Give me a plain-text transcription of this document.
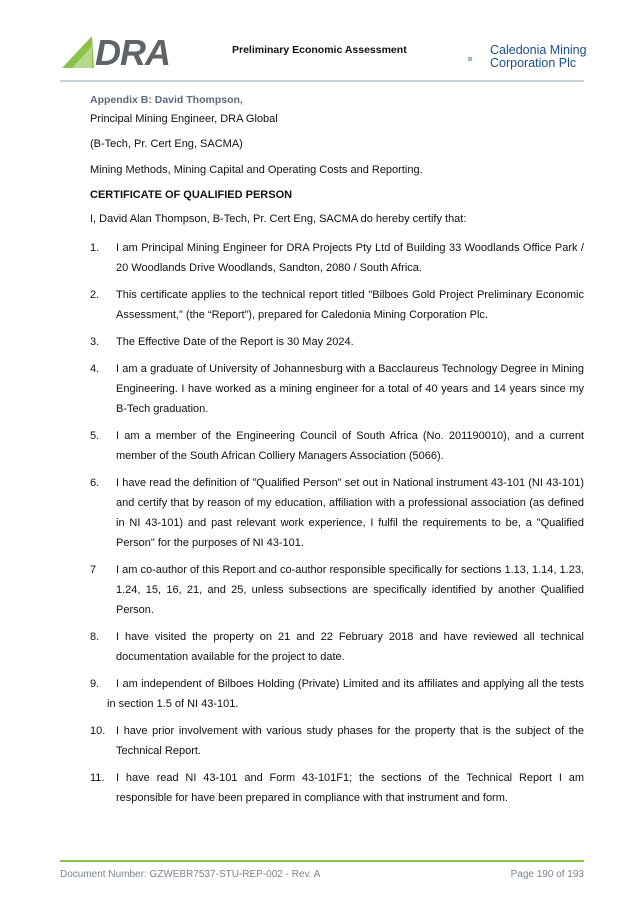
DRA	Preliminary Economic Assessment	Caledonia Mining
Corporation Plc
Appendix B: David Thompson,

Principal Mining Engineer, DRA Global

(B-Tech, Pr. Cert Eng, SACMA)

Mining Methods, Mining Capital and Operating Costs and Reporting.

CERTIFICATE OF QUALIFIED PERSON

I, David Alan Thompson, B-Tech, Pr. Cert Eng, SACMA do hereby certify that:

1. I am Principal Mining Engineer for DRA Projects Pty Ltd of Building 33 Woodlands Office Park / 20 Woodlands Drive Woodlands, Sandton, 2080 / South Africa.
2. This certificate applies to the technical report titled "Bilboes Gold Project Preliminary Economic Assessment," (the “Report”), prepared for Caledonia Mining Corporation Plc.
3. The Effective Date of the Report is 30 May 2024.
4. I am a graduate of University of Johannesburg with a Bacclaureus Technology Degree in Mining Engineering. I have worked as a mining engineer for a total of 40 years and 14 years since my B-Tech graduation.
5. I am a member of the Engineering Council of South Africa (No. 201190010), and a current member of the South African Colliery Managers Association (5066).
6. I have read the definition of "Qualified Person" set out in National instrument 43-101 (NI 43-101) and certify that by reason of my education, affiliation with a professional association (as defined in NI 43-101) and past relevant work experience, I fulfil the requirements to be, a "Qualified Person" for the purposes of NI 43-101.
7 I am co-author of this Report and co-author responsible specifically for sections 1.13, 1.14, 1.23, 1.24, 15, 16, 21, and 25, unless subsections are specifically identified by another Qualified Person.
8. I have visited the property on 21 and 22 February 2018 and have reviewed all technical documentation available for the project to date.
9. I am independent of Bilboes Holding (Private) Limited and its affiliates and applying all the tests in section 1.5 of NI 43-101.
10. I have prior involvement with various study phases for the property that is the subject of the Technical Report.
11. I have read NI 43-101 and Form 43-101F1; the sections of the Technical Report I am responsible for have been prepared in compliance with that instrument and form.
Document Number: GZWEBR7537-STU-REP-002 - Rev. A	Page 190 of 193
